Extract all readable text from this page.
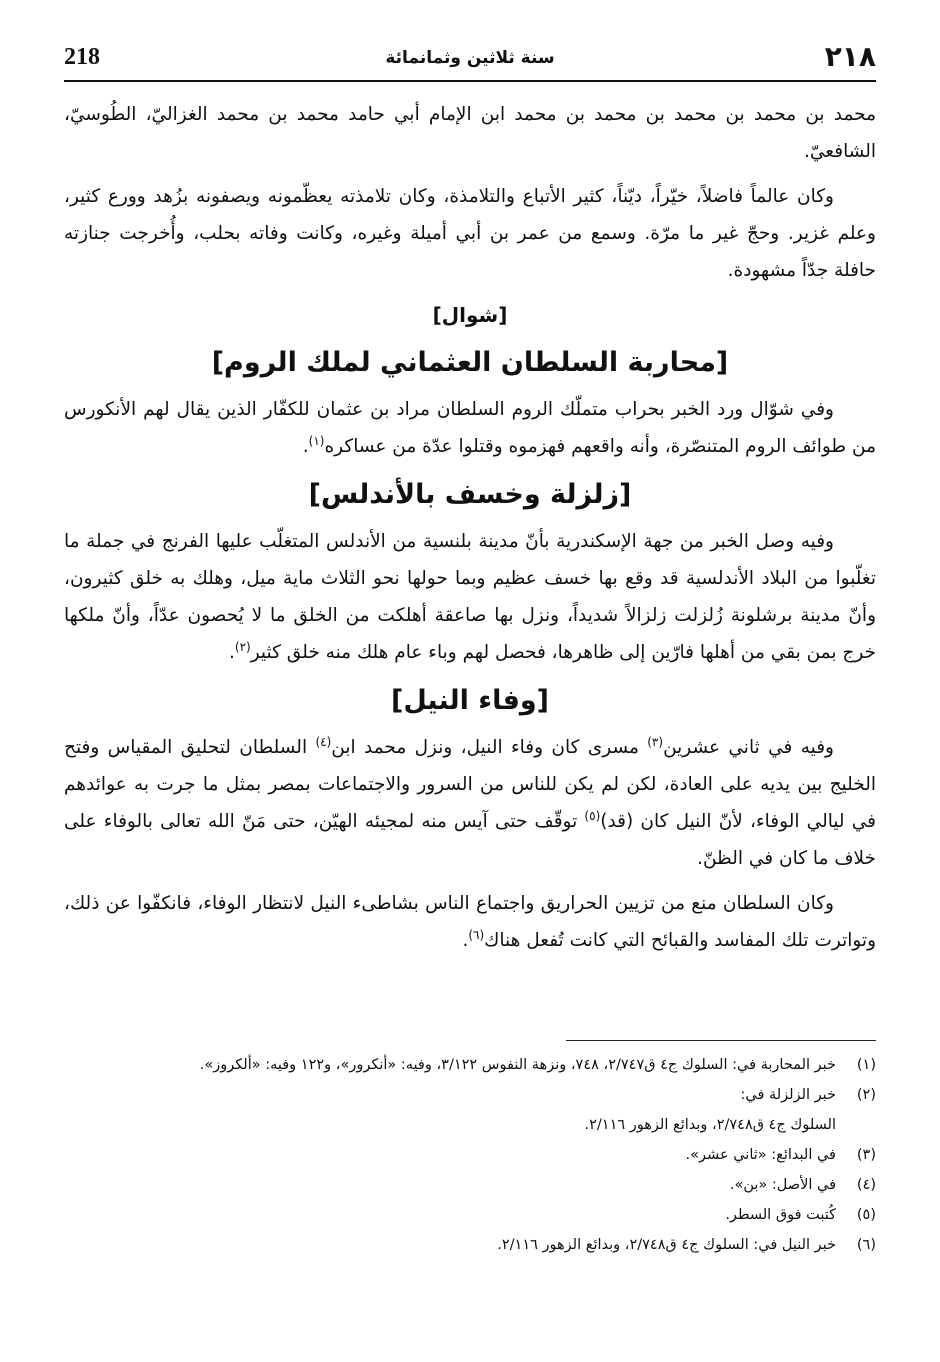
218	سنة ثلاثين وثمانمائة	٢١٨

محمد بن محمد بن محمد بن محمد بن محمد ابن الإمام أبي حامد محمد بن محمد الغزاليّ، الطُوسيّ، الشافعيّ.

وكان عالماً فاضلاً، خيّراً، ديّناً، كثير الأتباع والتلامذة، وكان تلامذته يعظّمونه ويصفونه بزُهد وورع كثير، وعلم غزير. وحجّ غير ما مرّة. وسمع من عمر بن أبي أميلة وغيره، وكانت وفاته بحلب، وأُخرجت جنازته حافلة جدّاً مشهودة.

[شوال]
[محاربة السلطان العثماني لملك الروم]

وفي شوّال ورد الخبر بحراب متملّك الروم السلطان مراد بن عثمان للكفّار الذين يقال لهم الأنكورس من طوائف الروم المتنصّرة، وأنه واقعهم فهزموه وقتلوا عدّة من عساكره$^{(١)}$.

[زلزلة وخسف بالأندلس]

وفيه وصل الخبر من جهة الإسكندرية بأنّ مدينة بلنسية من الأندلس المتغلّب عليها الفرنج في جملة ما تغلّبوا من البلاد الأندلسية قد وقع بها خسف عظيم وبما حولها نحو الثلاث ماية ميل، وهلك به خلق كثيرون، وأنّ مدينة برشلونة زُلزلت زلزالاً شديداً، ونزل بها صاعقة أهلكت من الخلق ما لا يُحصون عدّاً، وأنّ ملكها خرج بمن بقي من أهلها فارّين إلى ظاهرها، فحصل لهم وباء عام هلك منه خلق كثير$^{(٢)}$.

[وفاء النيل]

وفيه في ثاني عشرين$^{(٣)}$ مسرى كان وفاء النيل، ونزل محمد ابن$^{(٤)}$ السلطان لتحليق المقياس وفتح الخليج بين يديه على العادة، لكن لم يكن للناس من السرور والاجتماعات بمصر بمثل ما جرت به عوائدهم في ليالي الوفاء، لأنّ النيل كان (قد)$^{(٥)}$ توقّف حتى آيس منه لمجيئه الهيّن، حتى مَنّ الله تعالى بالوفاء على خلاف ما كان في الظنّ.

وكان السلطان منع من تزيين الحراريق واجتماع الناس بشاطىء النيل لانتظار الوفاء، فانكفّوا عن ذلك، وتواترت تلك المفاسد والقبائح التي كانت تُفعل هناك$^{(٦)}$.

(١)
خبر المحاربة في: السلوك ج٤ ق٢/٧٤٧، ٧٤٨، ونزهة النفوس ٣/١٢٢، وفيه: «أنكرور»، و١٢٢ وفيه: «ألكروز».
(٢)
خبر الزلزلة في:
السلوك ج٤ ق٢/٧٤٨، وبدائع الزهور ٢/١١٦.
(٣)
في البدائع: «ثاني عشر».
(٤)
في الأصل: «بن».
(٥)
كُتبت فوق السطر.
(٦)
خبر النيل في: السلوك ج٤ ق٢/٧٤٨، وبدائع الزهور ٢/١١٦.
